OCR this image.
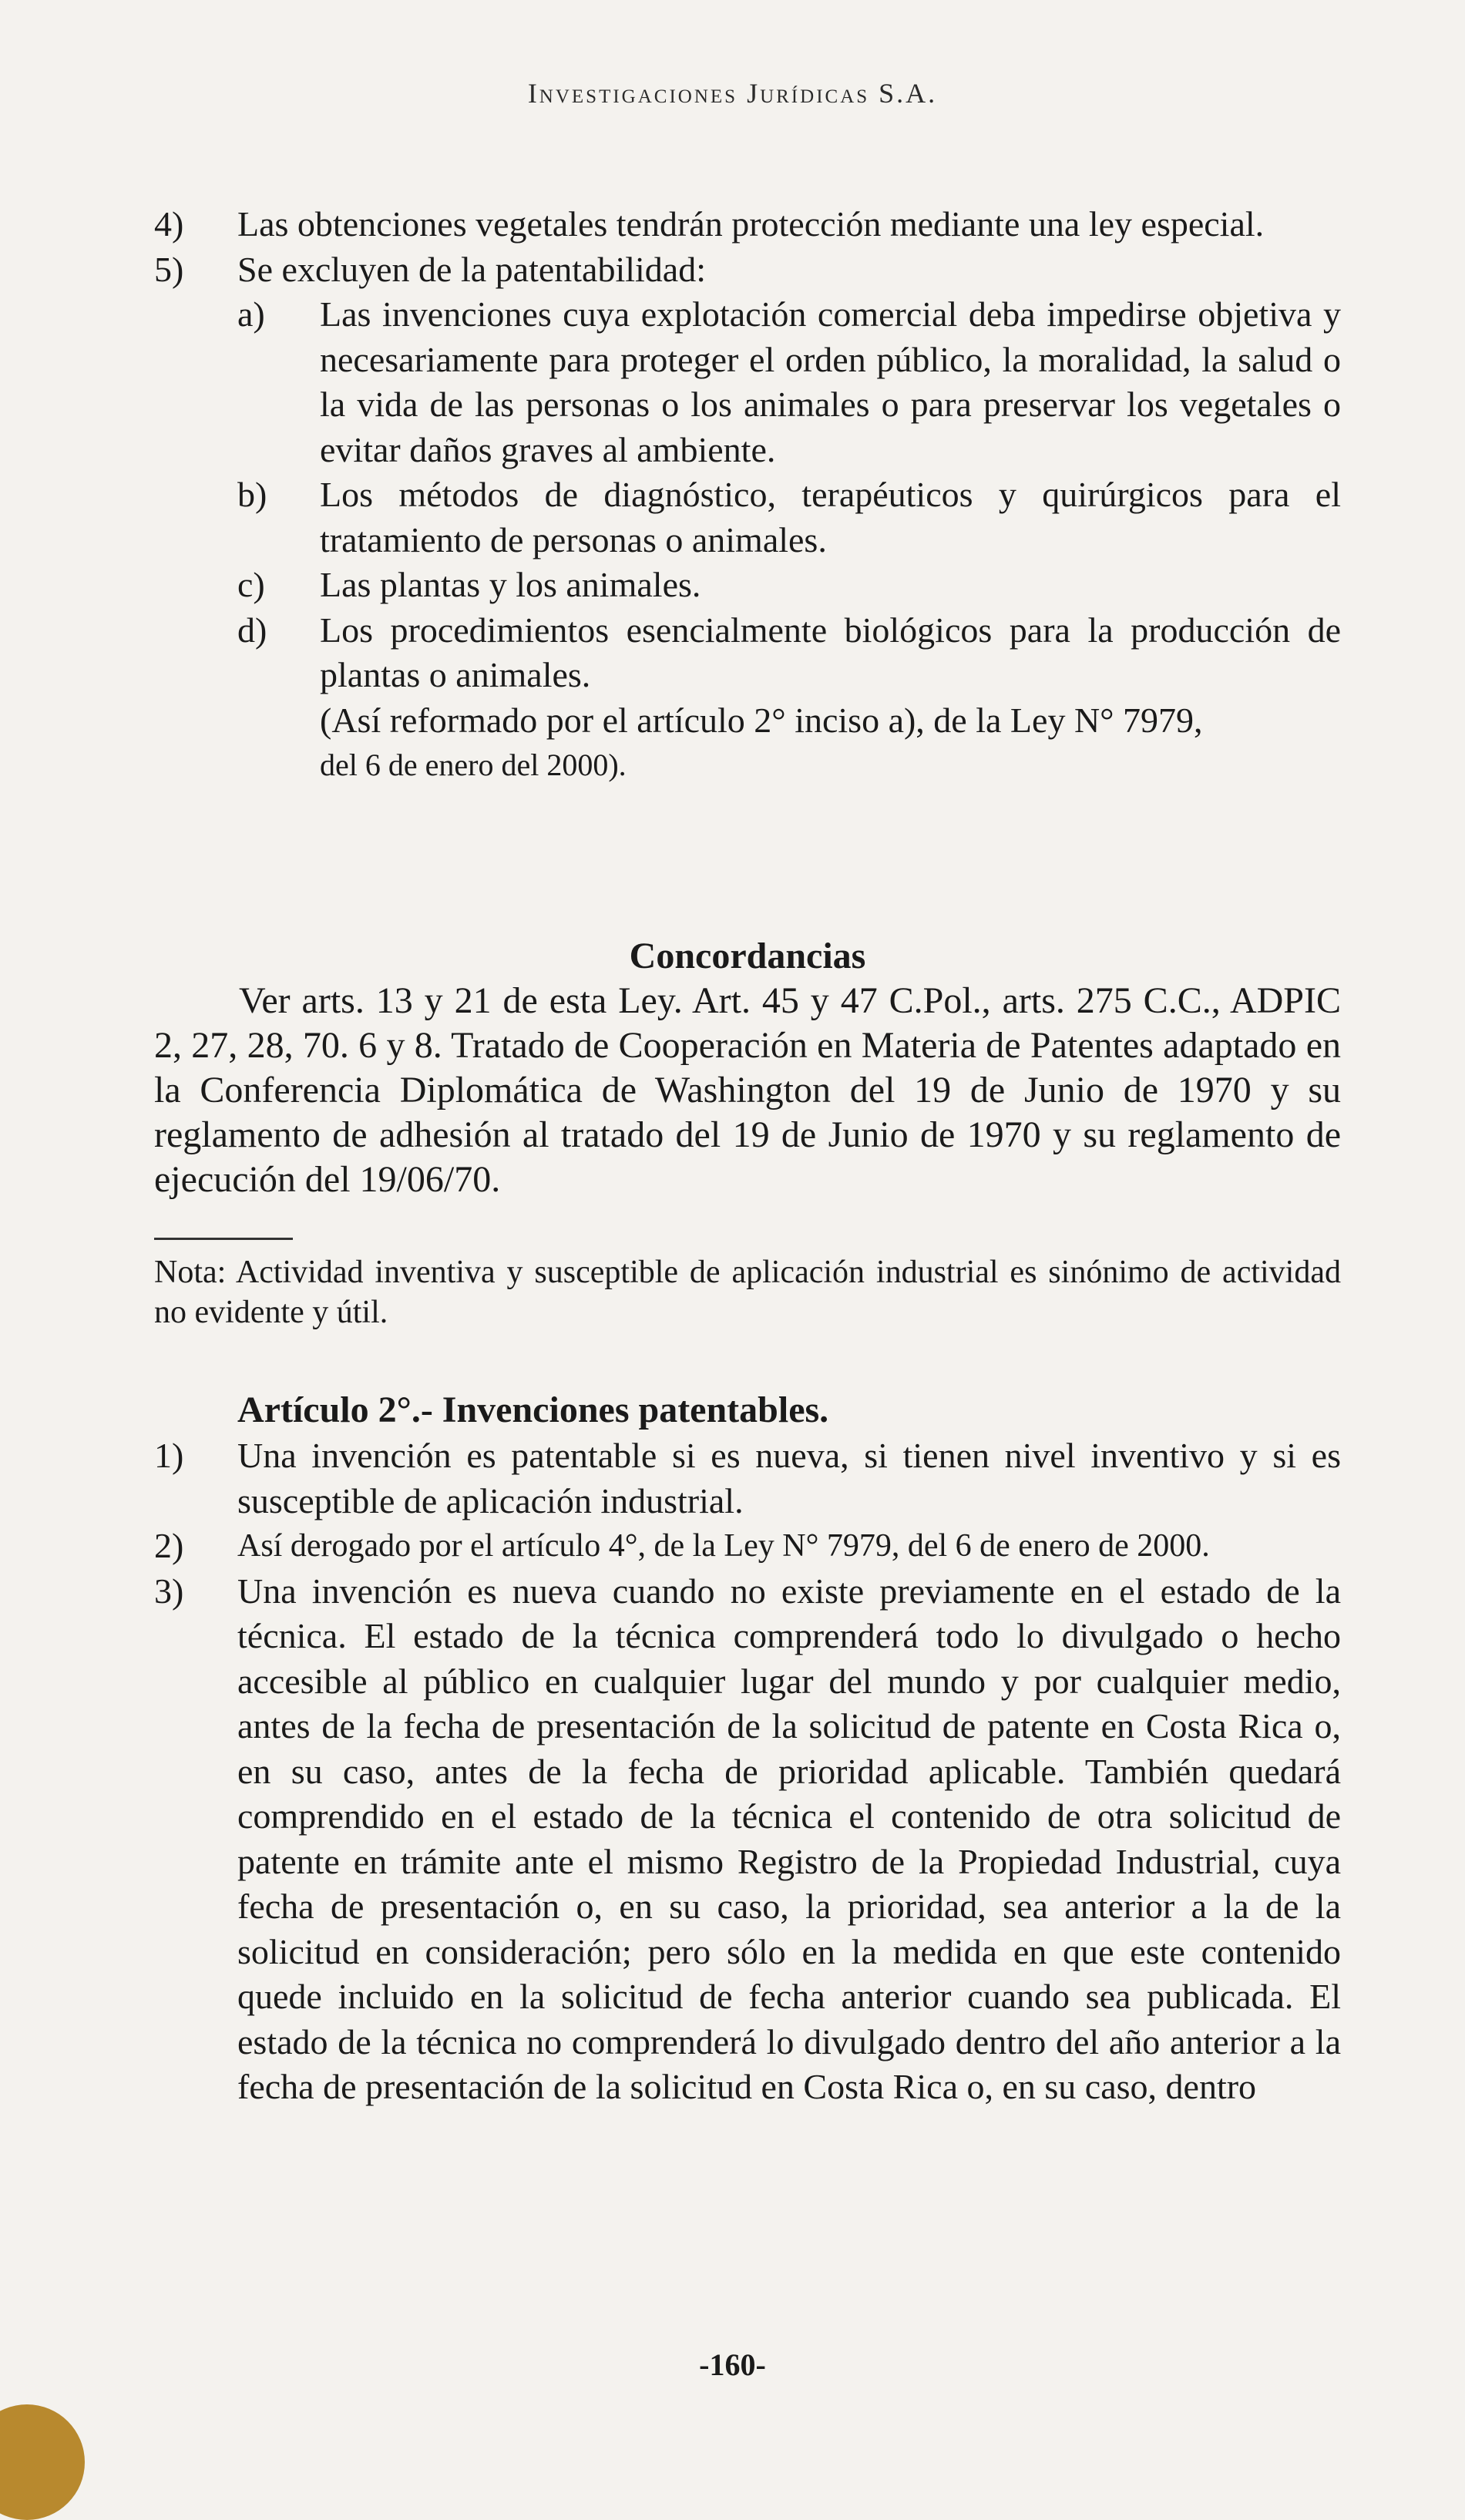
Investigaciones Jurídicas S.A.
4)	Las obtenciones vegetales tendrán protección mediante una ley especial.
5)	Se excluyen de la patentabilidad:
a)	Las invenciones cuya explotación comercial deba impedirse objetiva y necesariamente para proteger el orden público, la moralidad, la salud o la vida de las personas o los animales o para preservar los vegetales o evitar daños graves al ambiente.
b)	Los métodos de diagnóstico, terapéuticos y quirúrgicos para el tratamiento de personas o animales.
c)	Las plantas y los animales.
d)	Los procedimientos esencialmente biológicos para la producción de plantas o animales.
(Así reformado por el artículo 2° inciso a), de la Ley N° 7979,
del 6 de enero del 2000).
Concordancias
Ver arts. 13 y 21 de esta Ley. Art. 45 y 47 C.Pol., arts. 275 C.C., ADPIC 2, 27, 28, 70. 6 y 8. Tratado de Cooperación en Materia de Patentes adaptado en la Conferencia Diplomática de Washington del 19 de Junio de 1970 y su reglamento de adhesión al tratado del 19 de Junio de 1970 y su reglamento de ejecución del 19/06/70.
Nota: Actividad inventiva y susceptible de aplicación industrial es sinónimo de actividad no evidente y útil.
Artículo 2°.- Invenciones patentables.
1)	Una invención es patentable si es nueva, si tienen nivel inventivo y si es susceptible de aplicación industrial.
2)	Así derogado por el artículo 4°, de la Ley N° 7979, del 6 de enero de 2000.
3)	Una invención es nueva cuando no existe previamente en el estado de la técnica. El estado de la técnica comprenderá todo lo divulgado o hecho accesible al público en cualquier lugar del mundo y por cualquier medio, antes de la fecha de presentación de la solicitud de patente en Costa Rica o, en su caso, antes de la fecha de prioridad aplicable. También quedará comprendido en el estado de la técnica el contenido de otra solicitud de patente en trámite ante el mismo Registro de la Propiedad Industrial, cuya fecha de presentación o, en su caso, la prioridad, sea anterior a la de la solicitud en consideración; pero sólo en la medida en que este contenido quede incluido en la solicitud de fecha anterior cuando sea publicada. El estado de la técnica no comprenderá lo divulgado dentro del año anterior a la fecha de presentación de la solicitud en Costa Rica o, en su caso, dentro
-160-
